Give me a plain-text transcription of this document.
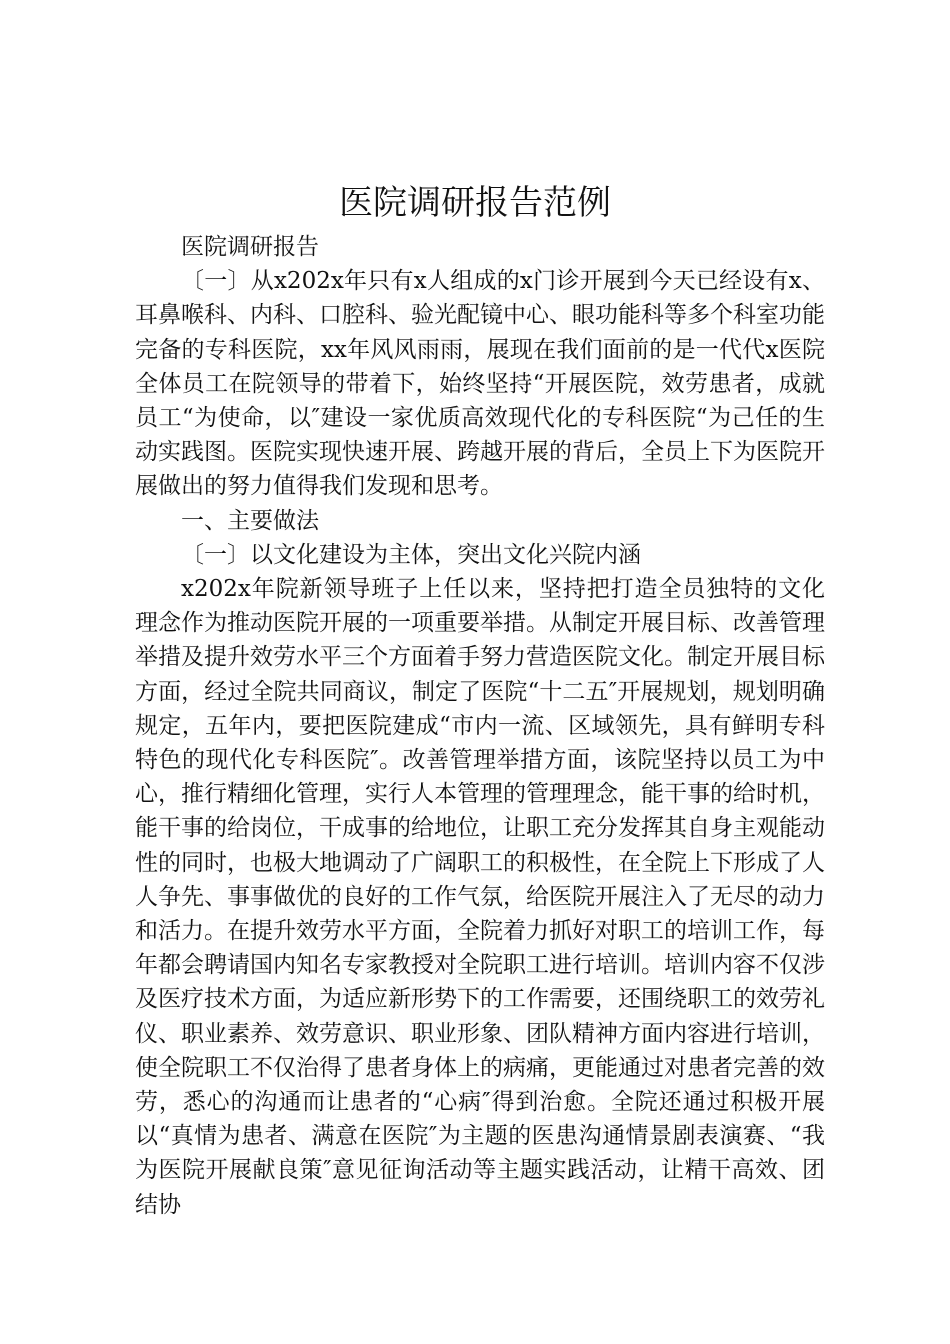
医院调研报告范例

医院调研报告

〔一〕从x202x年只有x人组成的x门诊开展到今天已经设有x、耳鼻喉科、内科、口腔科、验光配镜中心、眼功能科等多个科室功能完备的专科医院，xx年风风雨雨，展现在我们面前的是一代代x医院全体员工在院领导的带着下，始终坚持“开展医院，效劳患者，成就员工“为使命，以″建设一家优质高效现代化的专科医院“为己任的生动实践图。医院实现快速开展、跨越开展的背后，全员上下为医院开展做出的努力值得我们发现和思考。

一、主要做法

〔一〕以文化建设为主体，突出文化兴院内涵

x202x年院新领导班子上任以来，坚持把打造全员独特的文化理念作为推动医院开展的一项重要举措。从制定开展目标、改善管理举措及提升效劳水平三个方面着手努力营造医院文化。制定开展目标方面，经过全院共同商议，制定了医院“十二五″开展规划，规划明确规定，五年内，要把医院建成“市内一流、区域领先，具有鲜明专科特色的现代化专科医院″。改善管理举措方面，该院坚持以员工为中心，推行精细化管理，实行人本管理的管理理念，能干事的给时机，能干事的给岗位，干成事的给地位，让职工充分发挥其自身主观能动性的同时，也极大地调动了广阔职工的积极性，在全院上下形成了人人争先、事事做优的良好的工作气氛，给医院开展注入了无尽的动力和活力。在提升效劳水平方面，全院着力抓好对职工的培训工作，每年都会聘请国内知名专家教授对全院职工进行培训。培训内容不仅涉及医疗技术方面，为适应新形势下的工作需要，还围绕职工的效劳礼仪、职业素养、效劳意识、职业形象、团队精神方面内容进行培训，使全院职工不仅治得了患者身体上的病痛，更能通过对患者完善的效劳，悉心的沟通而让患者的“心病″得到治愈。全院还通过积极开展以“真情为患者、满意在医院″为主题的医患沟通情景剧表演赛、“我为医院开展献良策″意见征询活动等主题实践活动，让精干高效、团结协
